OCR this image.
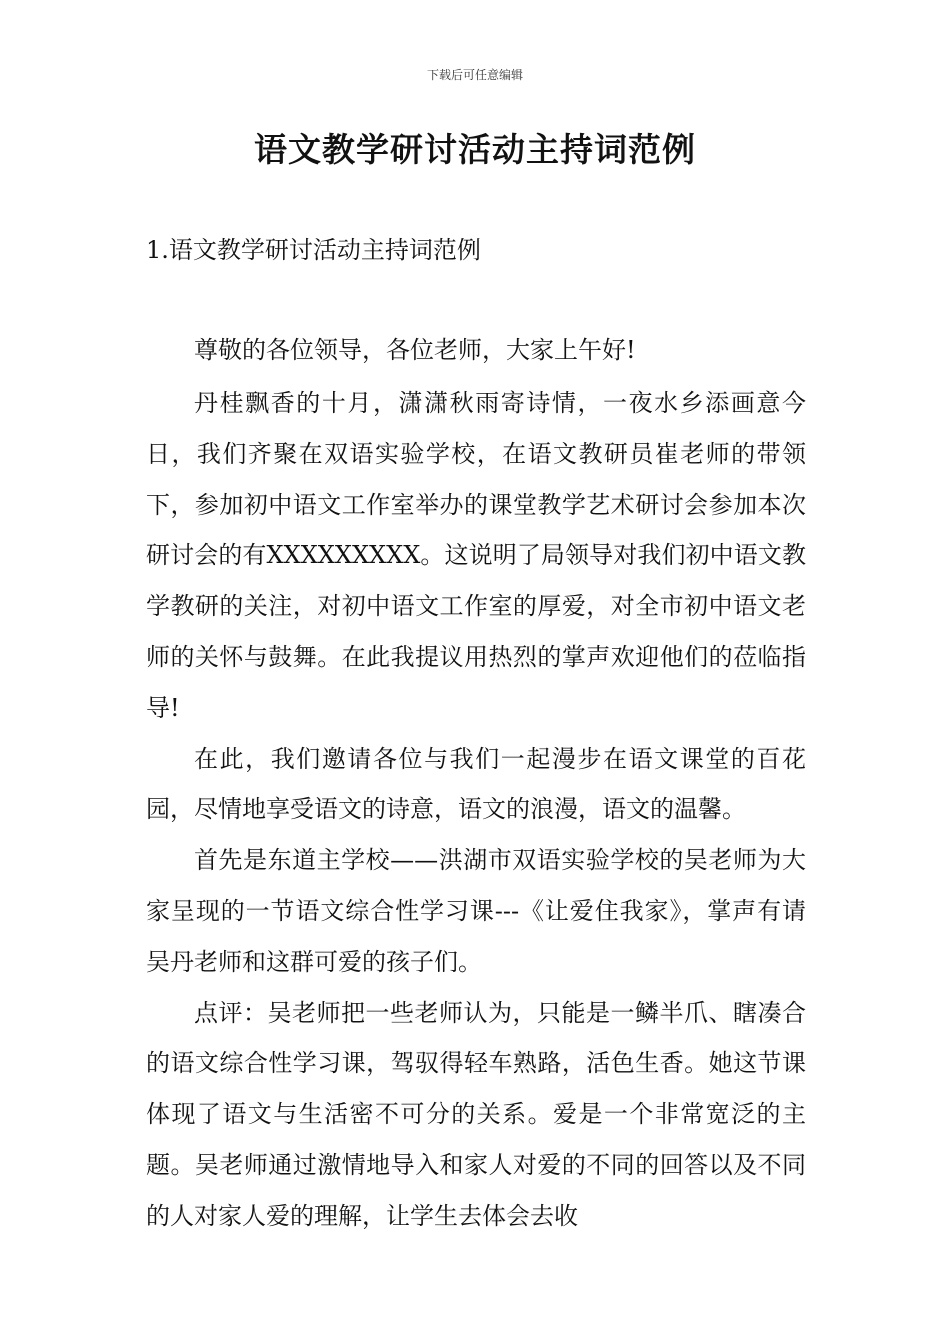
下载后可任意编辑
语文教学研讨活动主持词范例
1.语文教学研讨活动主持词范例

尊敬的各位领导，各位老师，大家上午好!

丹桂飘香的十月，潇潇秋雨寄诗情，一夜水乡添画意今日，我们齐聚在双语实验学校，在语文教研员崔老师的带领下，参加初中语文工作室举办的课堂教学艺术研讨会参加本次研讨会的有XXXXXXXXX。这说明了局领导对我们初中语文教学教研的关注，对初中语文工作室的厚爱，对全市初中语文老师的关怀与鼓舞。在此我提议用热烈的掌声欢迎他们的莅临指导!

在此，我们邀请各位与我们一起漫步在语文课堂的百花园，尽情地享受语文的诗意，语文的浪漫，语文的温馨。

首先是东道主学校——洪湖市双语实验学校的吴老师为大家呈现的一节语文综合性学习课---《让爱住我家》，掌声有请吴丹老师和这群可爱的孩子们。

点评：吴老师把一些老师认为，只能是一鳞半爪、瞎凑合的语文综合性学习课，驾驭得轻车熟路，活色生香。她这节课体现了语文与生活密不可分的关系。爱是一个非常宽泛的主题。吴老师通过激情地导入和家人对爱的不同的回答以及不同的人对家人爱的理解，让学生去体会去收
